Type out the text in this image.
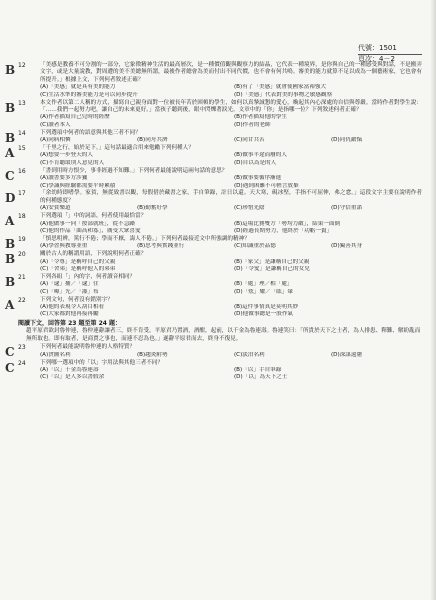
代號：1501
頁次：4－2
B 12	「美感是教養不可分割的一部分，它象徵精神生活的最高層次，是一種價值觀與觀察力的結晶，它代表一種境界，是你與自己的一種感受與對話，不是搬弄文字，或是大量說教，對周遭的美不美總無所謂，最後作者總會為美而付出不同代價，也不會有何共鳴。審美的能力就算不足以成為一個藝術家，它也會有所提升。」根據上文，下列何者敘述正確？
(A)「美感」就是具有美的能力	(B)有了「美感」就會使國家富裕強大
(C)生活水準的審美能力是可以同步提升	(D)「美感」代表對美的事物之敏感觀察
B 13	本文作者以第二人稱的方式，描寫自己親身面對一位被長年苦於困頓的學生，如何以真摯誠懇的愛心，喚起其內心深處的自信與尊嚴。當時作者對學生說：「……我們一起努力吧，讓自己的未來更好。」當孩子聽到後，眼中閃爍著淚光。文章中的「你」是指哪一位？下列敘述何者正確？
(A)作者描寫自己兒時的經歷	(B)作者描寫他的學生
(C)讀者本人	(D)作者的老師
B 14	下列選項中何者的語意與其他三者不同？
(A)同病相憐	(B)同舟共濟	(C)同甘共苦	(D)同仇敵愾
A 15	「千里之行，始於足下。」這句話最適合用來勉勵下列何種人？
(A)想要一步登天的人	(B)做事半途而廢的人
(C)不肯聽取別人意見的人	(D)自以為是的人
C 16	「書到用時方恨少，事非經過不知難。」下列何者最能說明這兩句話的意思？
(A)讀書要多方涉獵	(B)做事要循序漸進
(C)學識與經驗都需要平時累積	(D)遇到困難不可輕言放棄
D 17	「余幼時即嗜學。家貧，無從致書以觀，每假借於藏書之家，手自筆錄，計日以還。天大寒，硯冰堅，手指不可屈伸，弗之怠。」這段文字主要在說明作者的何種態度？
(A)安貧樂道	(B)勤奮好學	(C)珍惜光陰	(D)守信重諾
A 18	下列選項「」中的詞語，何者使用最恰當？
(A)他做事一向「按部就班」，從不急躁	(B)這場比賽雙方「勢均力敵」，結果一面倒
(C)他的作品「曲高和寡」，廣受大眾喜愛	(D)經過長期努力，他終於「功虧一簣」
B 19	「慎思明辨，篤行不倦；學而不厭，誨人不倦。」下列何者最接近文中所強調的精神？
(A)學習與教導並重	(B)思考與實踐並行	(C)知識重於品德	(D)獨善其身
B 20	關於古人的稱謂用語，下列說明何者正確？
(A)「令尊」是稱呼自己的父親	(B)「家父」是謙稱自己的父親
(C)「舍弟」是稱呼他人的弟弟	(D)「令愛」是謙稱自己的女兒
B 21	下列各組「」內的字，何者讀音相同？
(A)「逮」捕／「逮」住	(B)「處」理／相「處」
(C)「曝」光／「瀑」布	(D)「炫」耀／「眩」暈
A 22	下列文句，何者沒有錯別字？
(A)他的表現令人刮目相看	(B)這件事情真是莫明其妙
(C)大家都對他再接再勵	(D)他做事總是一股作氣
閱讀下文，回答第 23 題至第 24 題：
趙平原君欲封魯仲連，魯仲連辭讓者三，終不肯受。平原君乃置酒，酒酣，起前，以千金為魯連壽。魯連笑曰：「所貴於天下之士者，為人排患、釋難、解紛亂而無所取也。即有取者，是商賈之事也，而連不忍為也。」遂辭平原君而去，終身不復見。
C 23	下列何者最能說明魯仲連的人格特質？
(A)貪圖名利	(B)趨炎附勢	(C)淡泊名利	(D)深謀遠慮
C 24	下列哪一選項中的「以」字用法與其他三者不同？
(A)「以」千金為魯連壽	(B)「以」手自筆錄
(C)「以」是人多以書假余	(D)「以」為天下之士
